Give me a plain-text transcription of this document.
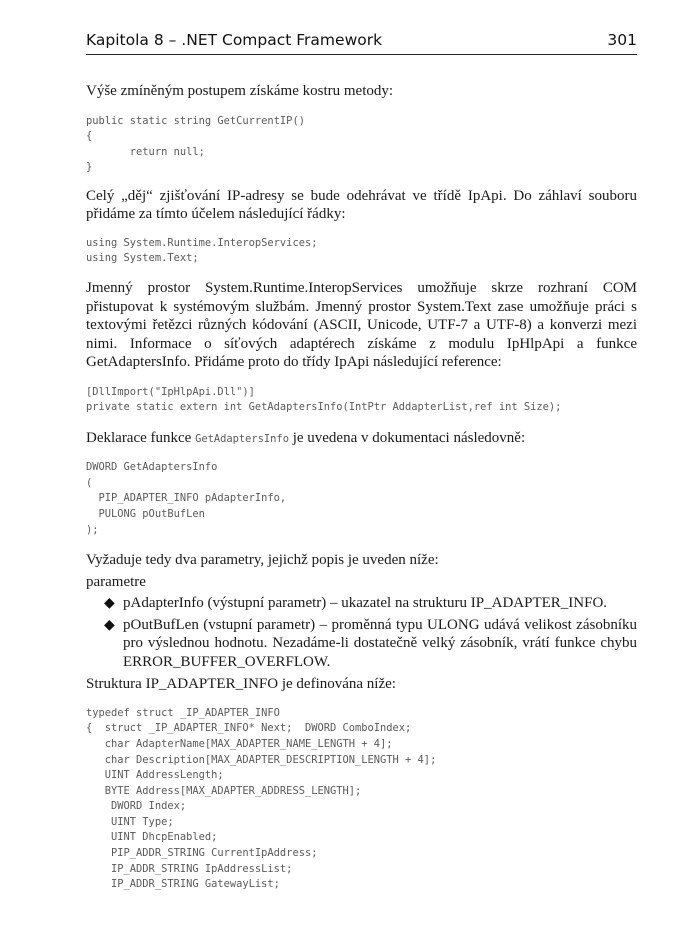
Kapitola 8 – .NET Compact Framework	301

Výše zmíněným postupem získáme kostru metody:

public static string GetCurrentIP()
{
return null;
}

Celý „děj“ zjišťování IP-adresy se bude odehrávat ve třídě IpApi. Do záhlaví souboru přidáme za tímto účelem následující řádky:

using System.Runtime.InteropServices;
using System.Text;

Jmenný prostor System.Runtime.InteropServices umožňuje skrze rozhraní COM přistupovat k systémovým službám. Jmenný prostor System.Text zase umožňuje práci s textovými řetězci různých kódování (ASCII, Unicode, UTF-7 a UTF-8) a konverzi mezi nimi. Informace o síťových adaptérech získáme z modulu IpHlpApi a funkce GetAdaptersInfo. Přidáme proto do třídy IpApi následující reference:

[DllImport("IpHlpApi.Dll")]
private static extern int GetAdaptersInfo(IntPtr AddapterList,ref int Size);

Deklarace funkce GetAdaptersInfo je uvedena v dokumentaci následovně:

DWORD GetAdaptersInfo
(
PIP_ADAPTER_INFO pAdapterInfo,
PULONG pOutBufLen
);

Vyžaduje tedy dva parametry, jejichž popis je uveden níže:

parametre

◆ pAdapterInfo (výstupní parametr) – ukazatel na strukturu IP_ADAPTER_INFO.
◆ pOutBufLen (vstupní parametr) – proměnná typu ULONG udává velikost zásobníku pro výslednou hodnotu. Nezadáme-li dostatečně velký zásobník, vrátí funkce chybu ERROR_BUFFER_OVERFLOW.

Struktura IP_ADAPTER_INFO je definována níže:

typedef struct _IP_ADAPTER_INFO
{  struct _IP_ADAPTER_INFO* Next;  DWORD ComboIndex;
char AdapterName[MAX_ADAPTER_NAME_LENGTH + 4];
char Description[MAX_ADAPTER_DESCRIPTION_LENGTH + 4];
UINT AddressLength;
BYTE Address[MAX_ADAPTER_ADDRESS_LENGTH];
DWORD Index;
UINT Type;
UINT DhcpEnabled;
PIP_ADDR_STRING CurrentIpAddress;
IP_ADDR_STRING IpAddressList;
IP_ADDR_STRING GatewayList;
